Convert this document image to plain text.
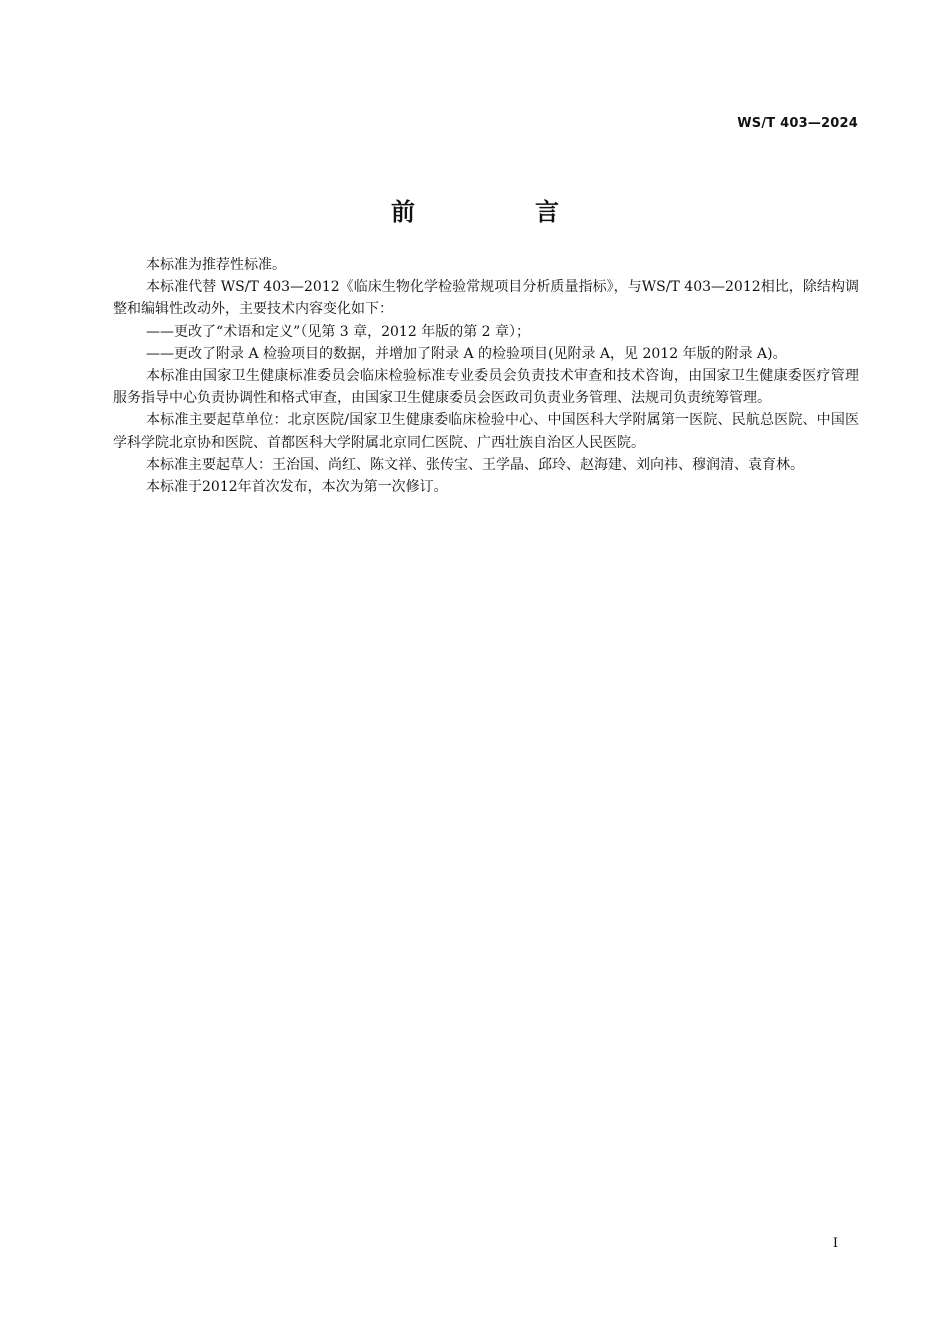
WS/T 403—2024
前　言

本标准为推荐性标准。

本标准代替 WS/T 403—2012《临床生物化学检验常规项目分析质量指标》，与WS/T 403—2012相比，除结构调整和编辑性改动外，主要技术内容变化如下：

——更改了“术语和定义”（见第 3 章，2012 年版的第 2 章）；

——更改了附录 A 检验项目的数据，并增加了附录 A 的检验项目(见附录 A，见 2012 年版的附录 A)。

本标准由国家卫生健康标准委员会临床检验标准专业委员会负责技术审查和技术咨询，由国家卫生健康委医疗管理服务指导中心负责协调性和格式审查，由国家卫生健康委员会医政司负责业务管理、法规司负责统筹管理。

本标准主要起草单位：北京医院/国家卫生健康委临床检验中心、中国医科大学附属第一医院、民航总医院、中国医学科学院北京协和医院、首都医科大学附属北京同仁医院、广西壮族自治区人民医院。

本标准主要起草人：王治国、尚红、陈文祥、张传宝、王学晶、邱玲、赵海建、刘向祎、穆润清、袁育林。

本标准于2012年首次发布，本次为第一次修订。

I
